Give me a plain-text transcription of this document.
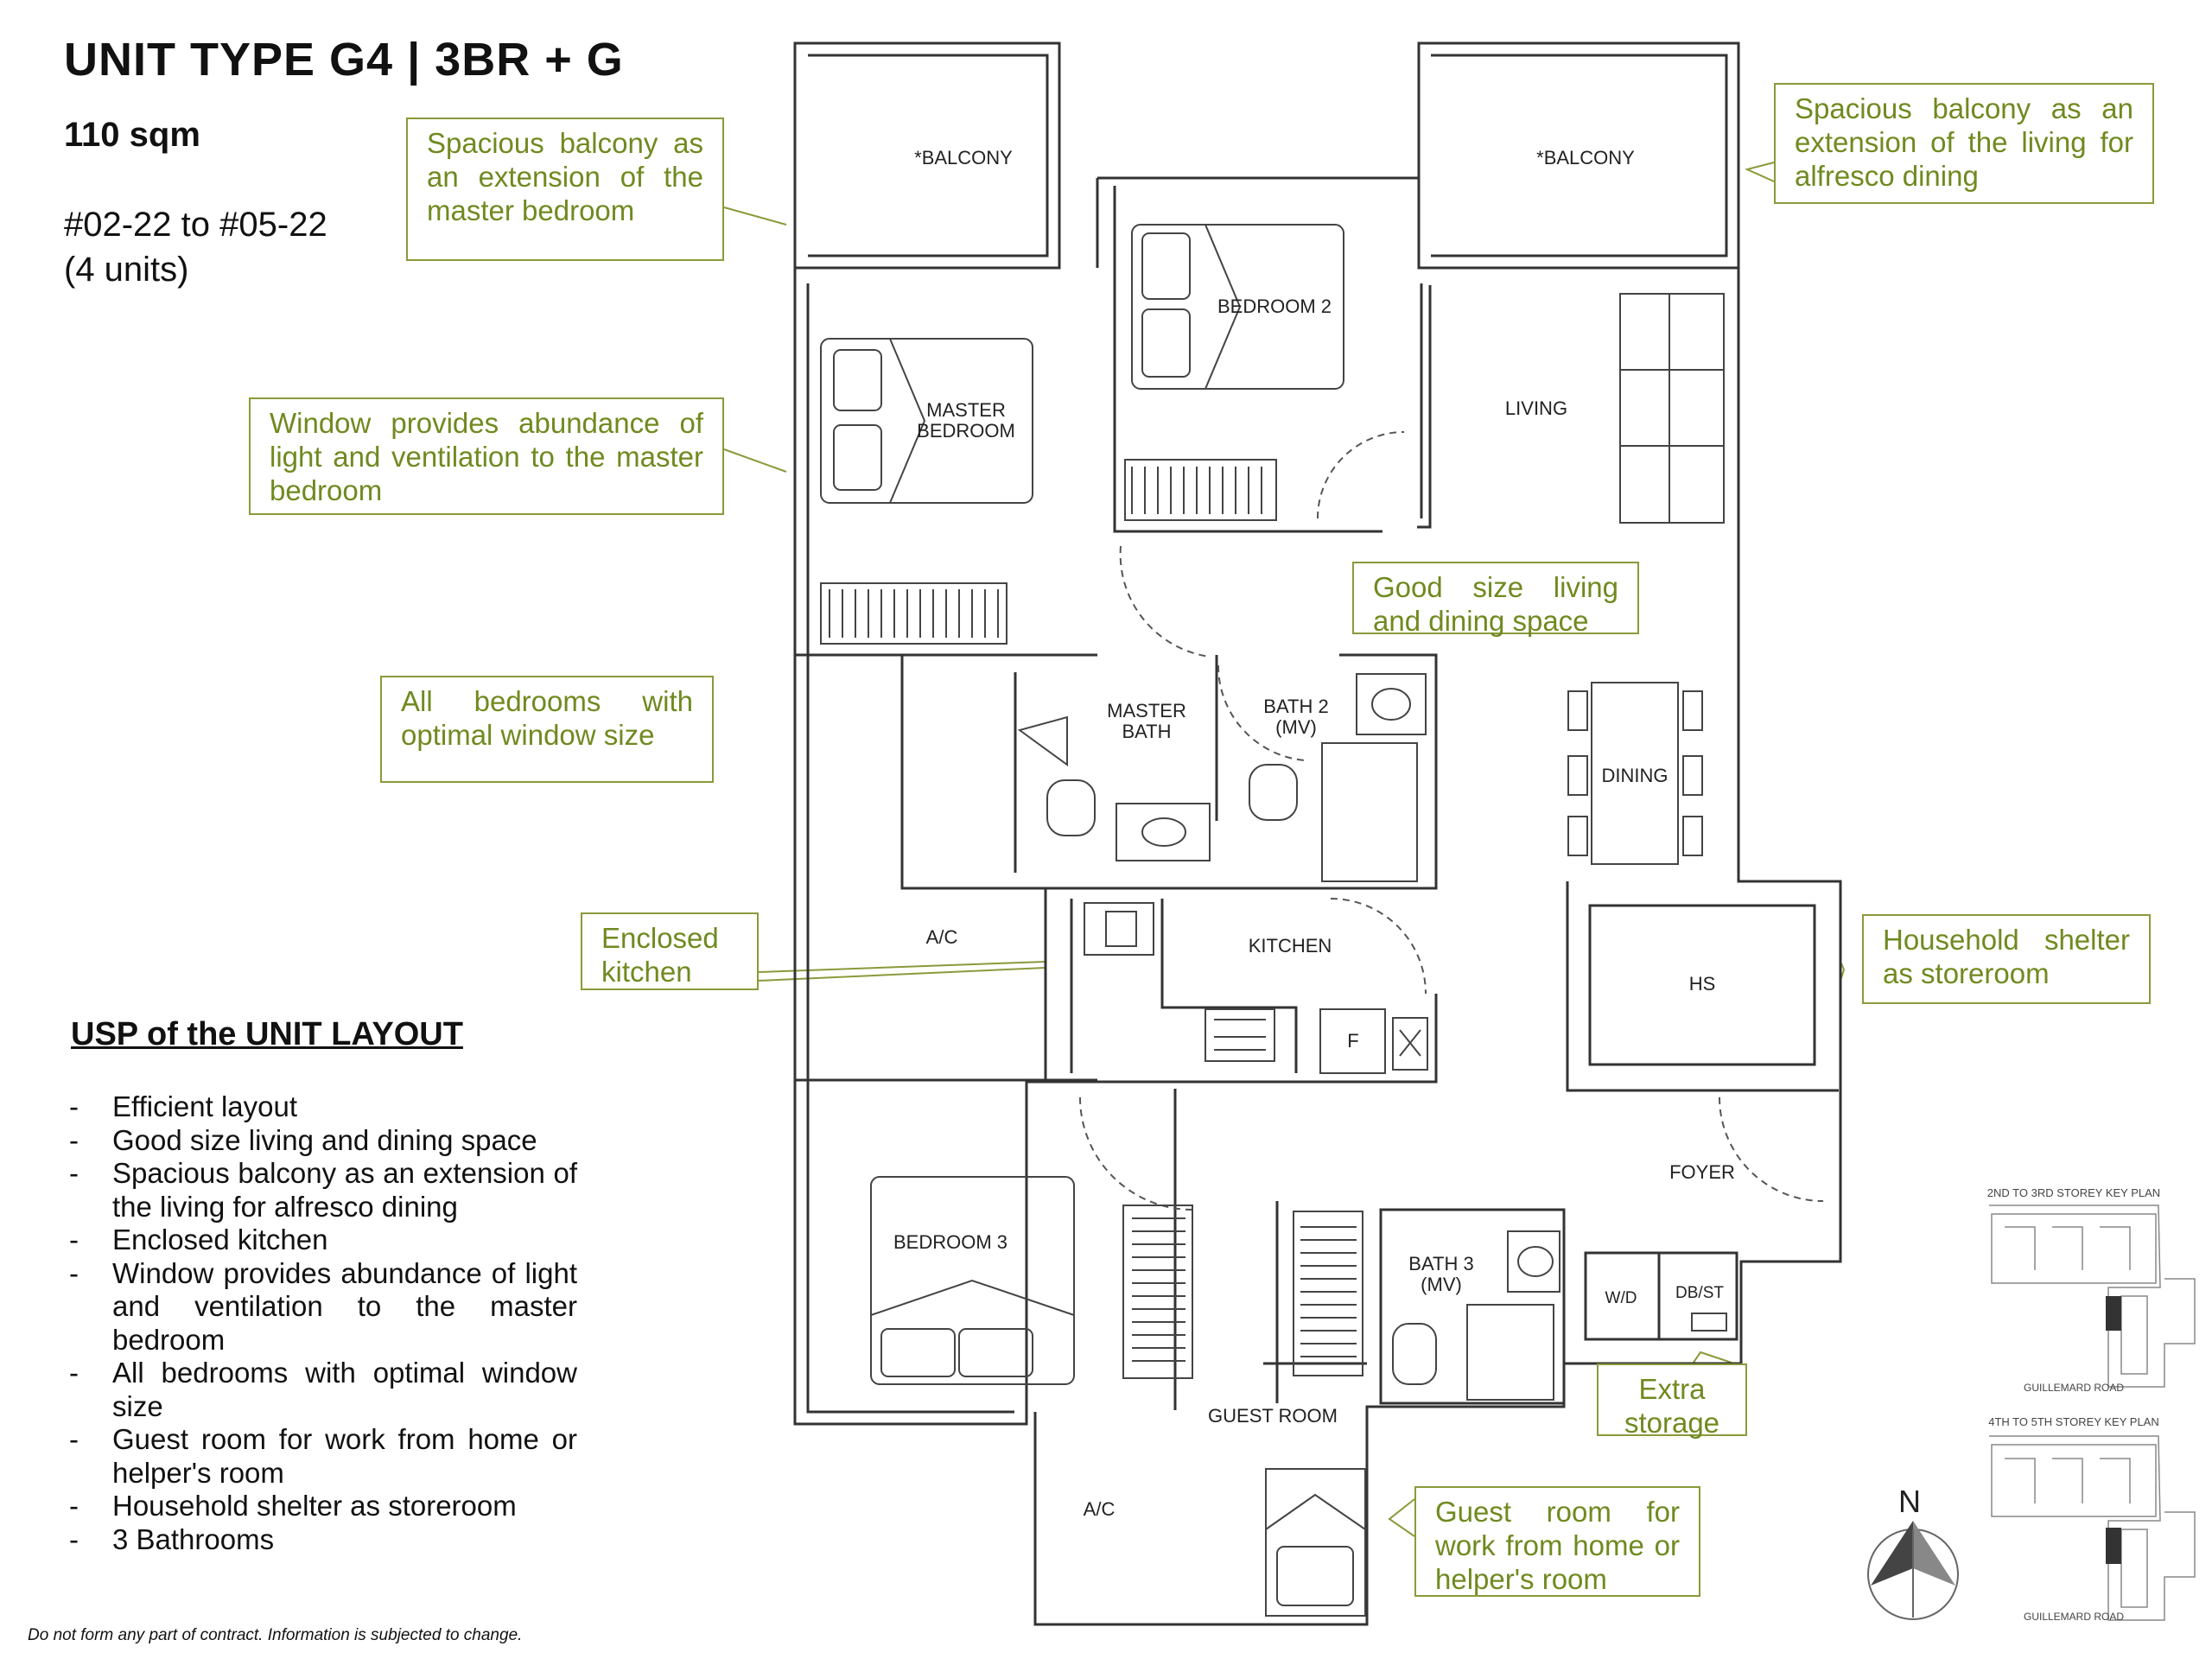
UNIT TYPE G4 | 3BR + G
110 sqm
#02-22 to #05-22
(4 units)
*BALCONY	*BALCONY
BEDROOM 2
MASTER
BEDROOM
LIVING
MASTER
BATH
BATH 2
(MV)
DINING
A/C	KITCHEN
HS
F
FOYER
BEDROOM 3
BATH 3
(MV)
W/D DB/ST
GUEST ROOM
A/C	N
2ND TO 3RD STOREY KEY PLAN
GUILLEMARD ROAD
4TH TO 5TH STOREY KEY PLAN
GUILLEMARD ROAD
Spacious balcony as an extension of the master bedroom
Window provides abundance of light and ventilation to the master bedroom
All bedrooms with optimal window size
Enclosed kitchen
Spacious balcony as an extension of the living for alfresco dining
Good size living and dining space
Household shelter as storeroom
Extra storage
Guest room for work from home or helper's room
USP of the UNIT LAYOUT
- Efficient layout
- Good size living and dining space
- Spacious balcony as an extension of the living for alfresco dining
- Enclosed kitchen
- Window provides abundance of light and ventilation to the master bedroom
- All bedrooms with optimal window size
- Guest room for work from home or helper's room
- Household shelter as storeroom
- 3 Bathrooms
Do not form any part of contract. Information is subjected to change.
